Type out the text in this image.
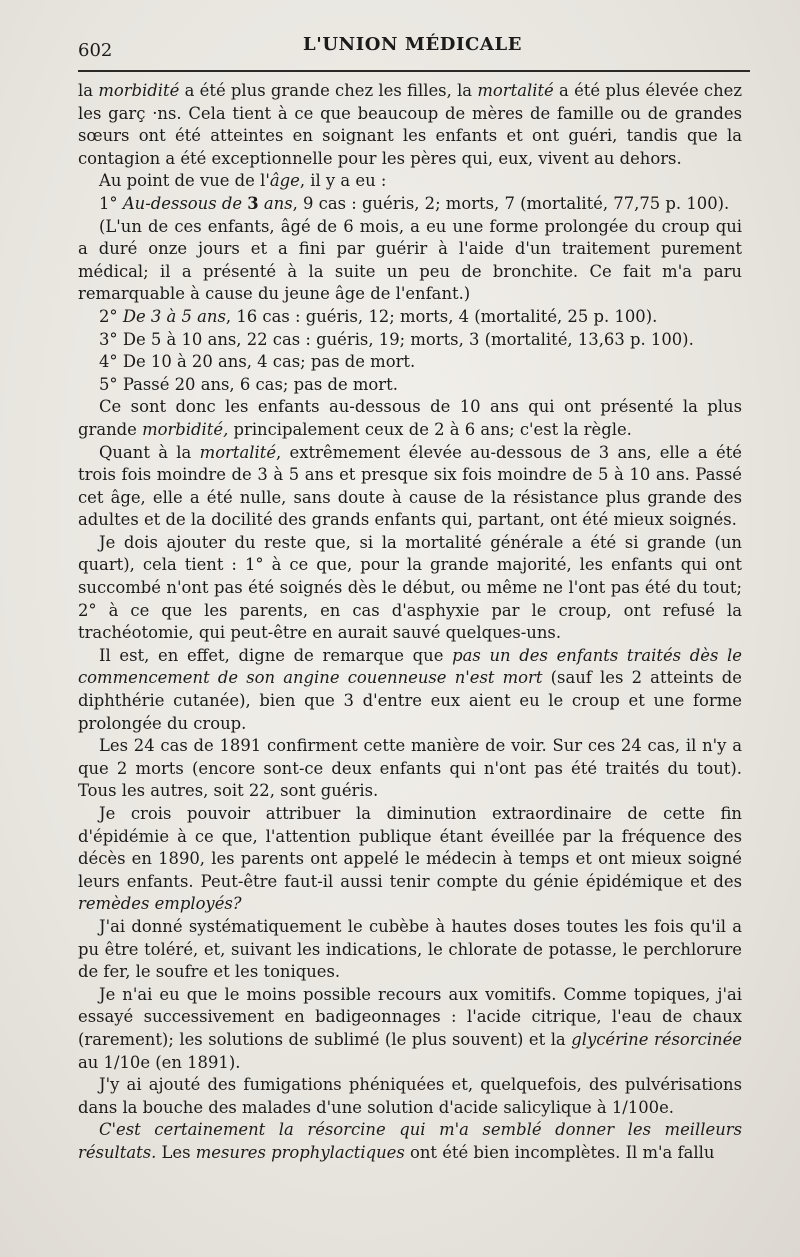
602	L'UNION MÉDICALE

la morbidité a été plus grande chez les filles, la mortalité a été plus élevée chez les garç ·ns. Cela tient à ce que beaucoup de mères de famille ou de grandes sœurs ont été atteintes en soignant les enfants et ont guéri, tandis que la contagion a été exceptionnelle pour les pères qui, eux, vivent au dehors.

Au point de vue de l'âge, il y a eu :

1° Au-dessous de 3 ans, 9 cas : guéris, 2; morts, 7 (mortalité, 77,75 p. 100).

(L'un de ces enfants, âgé de 6 mois, a eu une forme prolongée du croup qui a duré onze jours et a fini par guérir à l'aide d'un traitement purement médical; il a présenté à la suite un peu de bronchite. Ce fait m'a paru remarquable à cause du jeune âge de l'enfant.)

2° De 3 à 5 ans, 16 cas : guéris, 12; morts, 4 (mortalité, 25 p. 100).

3° De 5 à 10 ans, 22 cas : guéris, 19; morts, 3 (mortalité, 13,63 p. 100).

4° De 10 à 20 ans, 4 cas; pas de mort.

5° Passé 20 ans, 6 cas; pas de mort.

Ce sont donc les enfants au-dessous de 10 ans qui ont présenté la plus grande morbidité, principalement ceux de 2 à 6 ans; c'est la règle.

Quant à la mortalité, extrêmement élevée au-dessous de 3 ans, elle a été trois fois moindre de 3 à 5 ans et presque six fois moindre de 5 à 10 ans. Passé cet âge, elle a été nulle, sans doute à cause de la résistance plus grande des adultes et de la docilité des grands enfants qui, partant, ont été mieux soignés.

Je dois ajouter du reste que, si la mortalité générale a été si grande (un quart), cela tient : 1° à ce que, pour la grande majorité, les enfants qui ont succombé n'ont pas été soignés dès le début, ou même ne l'ont pas été du tout; 2° à ce que les parents, en cas d'asphyxie par le croup, ont refusé la trachéotomie, qui peut-être en aurait sauvé quelques-uns.

Il est, en effet, digne de remarque que pas un des enfants traités dès le commencement de son angine couenneuse n'est mort (sauf les 2 atteints de diphthérie cutanée), bien que 3 d'entre eux aient eu le croup et une forme prolongée du croup.

Les 24 cas de 1891 confirment cette manière de voir. Sur ces 24 cas, il n'y a que 2 morts (encore sont-ce deux enfants qui n'ont pas été traités du tout). Tous les autres, soit 22, sont guéris.

Je crois pouvoir attribuer la diminution extraordinaire de cette fin d'épidémie à ce que, l'attention publique étant éveillée par la fréquence des décès en 1890, les parents ont appelé le médecin à temps et ont mieux soigné leurs enfants. Peut-être faut-il aussi tenir compte du génie épidémique et des remèdes employés?

J'ai donné systématiquement le cubèbe à hautes doses toutes les fois qu'il a pu être toléré, et, suivant les indications, le chlorate de potasse, le perchlorure de fer, le soufre et les toniques.

Je n'ai eu que le moins possible recours aux vomitifs. Comme topiques, j'ai essayé successivement en badigeonnages : l'acide citrique, l'eau de chaux (rarement); les solutions de sublimé (le plus souvent) et la glycérine résorcinée au 1/10e (en 1891).

J'y ai ajouté des fumigations phéniquées et, quelquefois, des pulvérisations dans la bouche des malades d'une solution d'acide salicylique à 1/100e.

C'est certainement la résorcine qui m'a semblé donner les meilleurs résultats. Les mesures prophylactiques ont été bien incomplètes. Il m'a fallu
